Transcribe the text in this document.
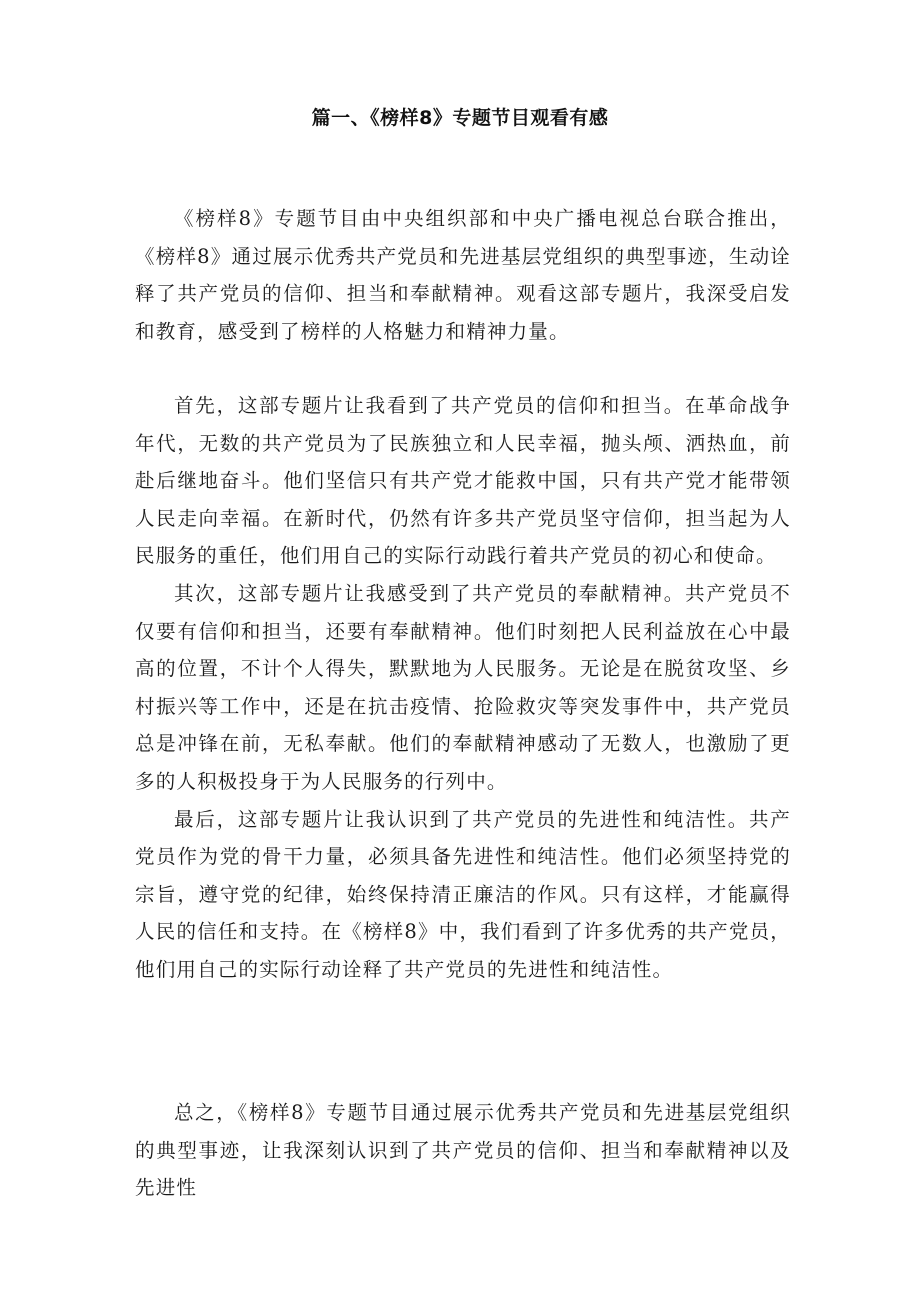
篇一、《榜样8》专题节目观看有感

《榜样8》专题节目由中央组织部和中央广播电视总台联合推出，《榜样8》通过展示优秀共产党员和先进基层党组织的典型事迹，生动诠释了共产党员的信仰、担当和奉献精神。观看这部专题片，我深受启发和教育，感受到了榜样的人格魅力和精神力量。

首先，这部专题片让我看到了共产党员的信仰和担当。在革命战争年代，无数的共产党员为了民族独立和人民幸福，抛头颅、洒热血，前赴后继地奋斗。他们坚信只有共产党才能救中国，只有共产党才能带领人民走向幸福。在新时代，仍然有许多共产党员坚守信仰，担当起为人民服务的重任，他们用自己的实际行动践行着共产党员的初心和使命。

其次，这部专题片让我感受到了共产党员的奉献精神。共产党员不仅要有信仰和担当，还要有奉献精神。他们时刻把人民利益放在心中最高的位置，不计个人得失，默默地为人民服务。无论是在脱贫攻坚、乡村振兴等工作中，还是在抗击疫情、抢险救灾等突发事件中，共产党员总是冲锋在前，无私奉献。他们的奉献精神感动了无数人，也激励了更多的人积极投身于为人民服务的行列中。

最后，这部专题片让我认识到了共产党员的先进性和纯洁性。共产党员作为党的骨干力量，必须具备先进性和纯洁性。他们必须坚持党的宗旨，遵守党的纪律，始终保持清正廉洁的作风。只有这样，才能赢得人民的信任和支持。在《榜样8》中，我们看到了许多优秀的共产党员，他们用自己的实际行动诠释了共产党员的先进性和纯洁性。

总之，《榜样8》专题节目通过展示优秀共产党员和先进基层党组织的典型事迹，让我深刻认识到了共产党员的信仰、担当和奉献精神以及先进性
